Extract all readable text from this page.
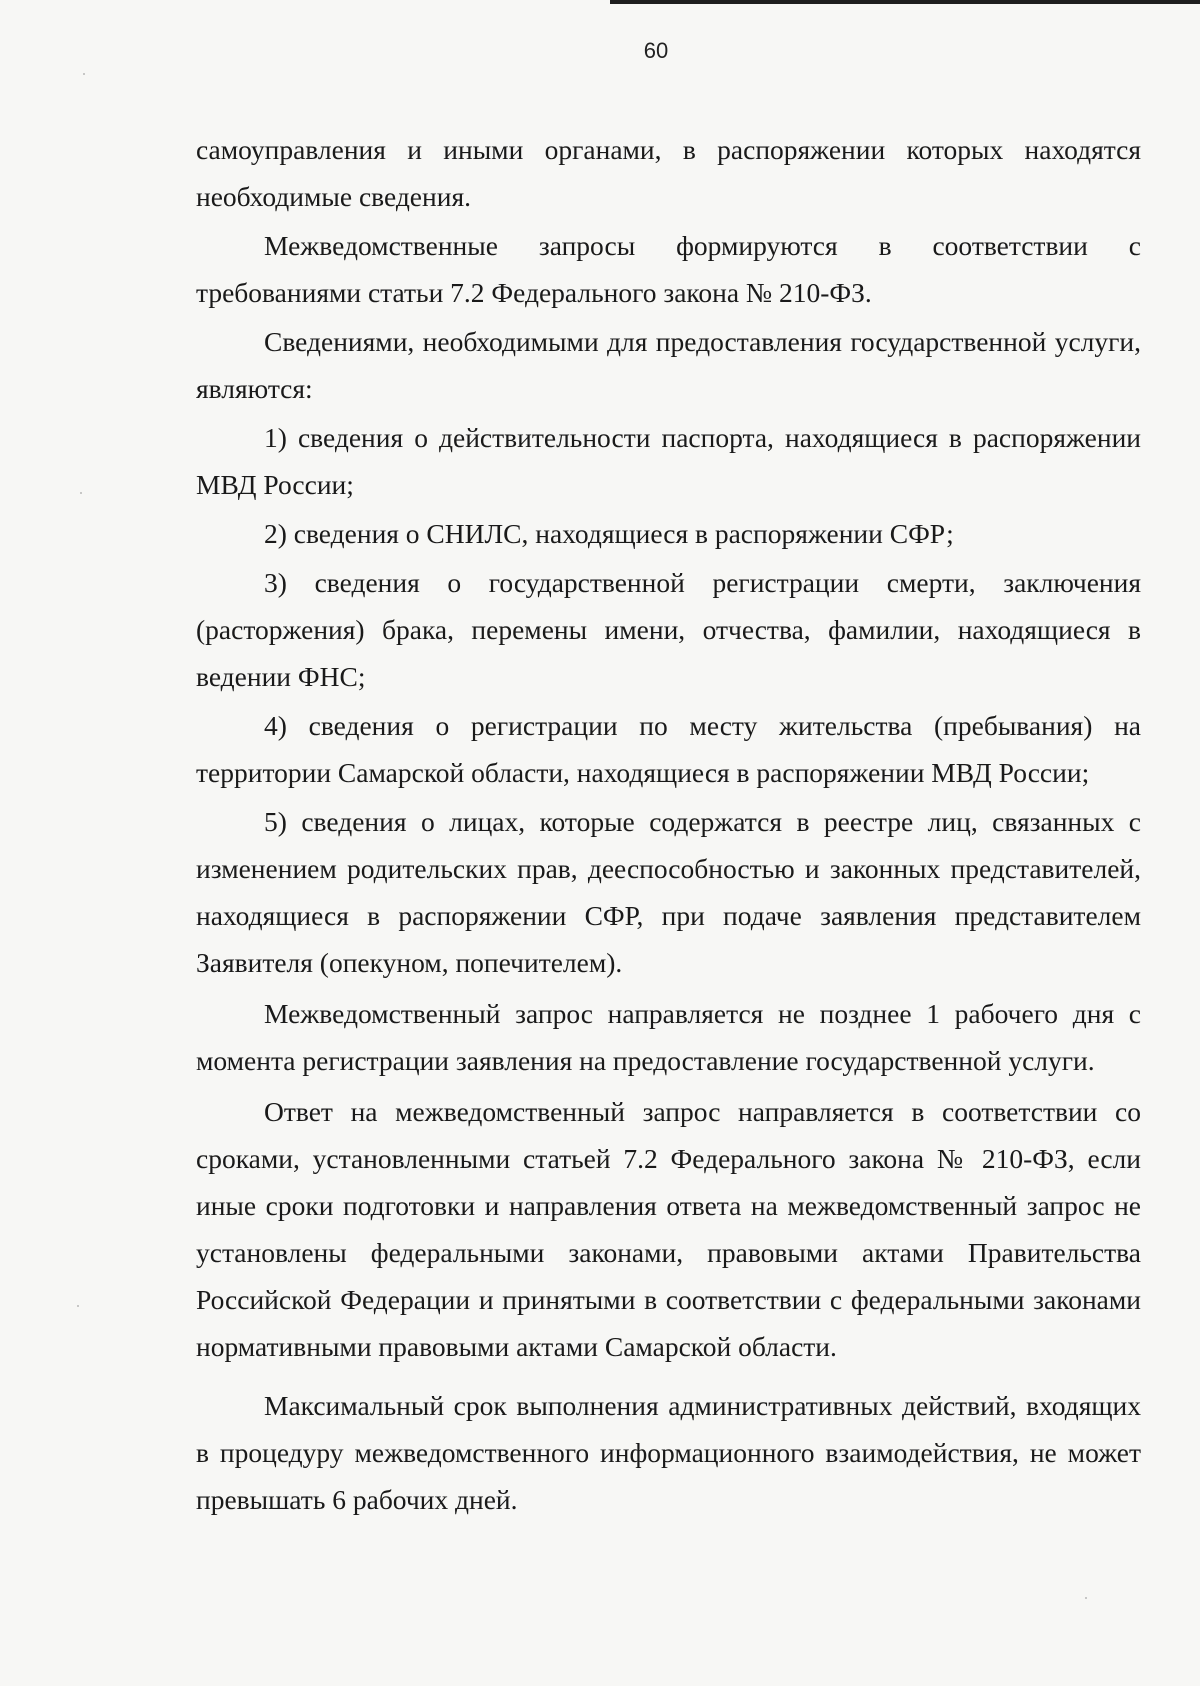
60

самоуправления и иными органами, в распоряжении которых находятся необходимые сведения.

Межведомственные запросы формируются в соответствии с требованиями статьи 7.2 Федерального закона № 210-ФЗ.

Сведениями, необходимыми для предоставления государственной услуги, являются:

1) сведения о действительности паспорта, находящиеся в распоряжении МВД России;

2) сведения о СНИЛС, находящиеся в распоряжении СФР;

3) сведения о государственной регистрации смерти, заключения (расторжения) брака, перемены имени, отчества, фамилии, находящиеся в ведении ФНС;

4) сведения о регистрации по месту жительства (пребывания) на территории Самарской области, находящиеся в распоряжении МВД России;

5) сведения о лицах, которые содержатся в реестре лиц, связанных с изменением родительских прав, дееспособностью и законных представителей, находящиеся в распоряжении СФР, при подаче заявления представителем Заявителя (опекуном, попечителем).

Межведомственный запрос направляется не позднее 1 рабочего дня с момента регистрации заявления на предоставление государственной услуги.

Ответ на межведомственный запрос направляется в соответствии со сроками, установленными статьей 7.2 Федерального закона № 210-ФЗ, если иные сроки подготовки и направления ответа на межведомственный запрос не установлены федеральными законами, правовыми актами Правительства Российской Федерации и принятыми в соответствии с федеральными законами нормативными правовыми актами Самарской области.

Максимальный срок выполнения административных действий, входящих в процедуру межведомственного информационного взаимодействия, не может превышать 6 рабочих дней.
